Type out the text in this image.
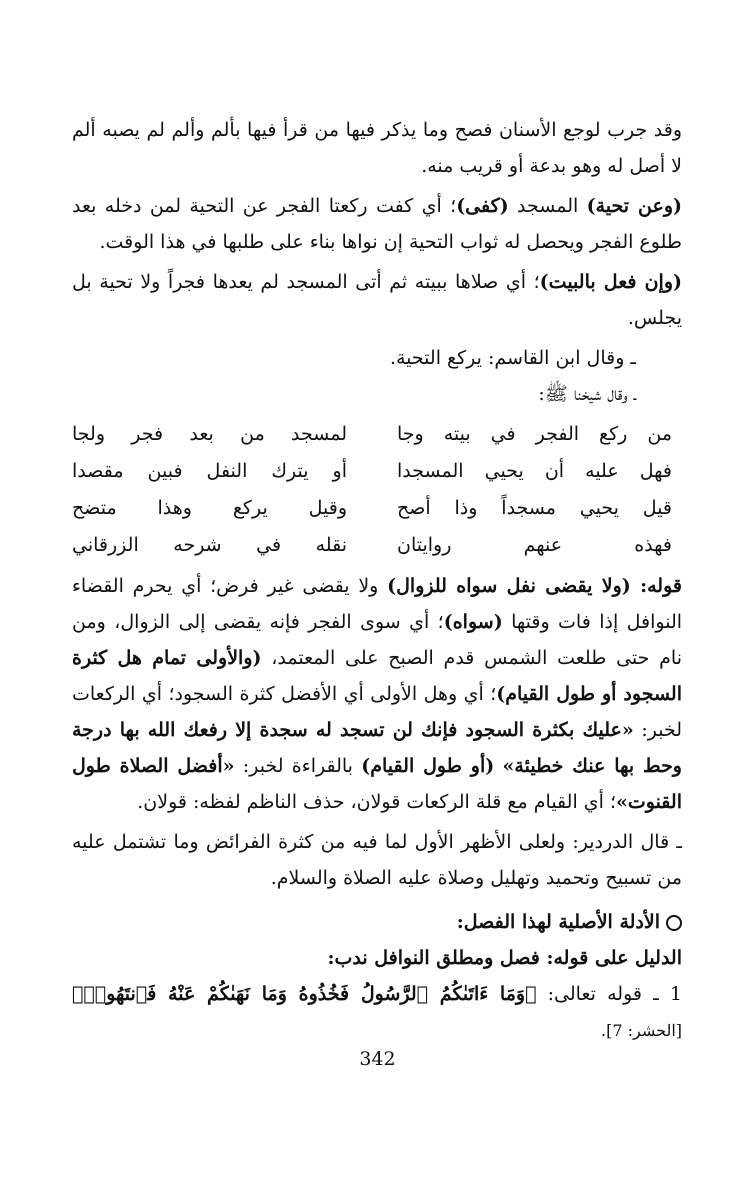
وقد جرب لوجع الأسنان فصح وما يذكر فيها من قرأ فيها بألم وألم لم يصبه ألم لا أصل له وهو بدعة أو قريب منه.

(وعن تحية) المسجد (كفى)؛ أي كفت ركعتا الفجر عن التحية لمن دخله بعد طلوع الفجر ويحصل له ثواب التحية إن نواها بناء على طلبها في هذا الوقت.

(وإن فعل بالبيت)؛ أي صلاها ببيته ثم أتى المسجد لم يعدها فجراً ولا تحية بل يجلس.

ـ وقال ابن القاسم: يركع التحية.

ـ وقال شيخنا ﷺ:

من ركع الفجر في بيته وجا
لمسجد من بعد فجر ولجا
فهل عليه أن يحيي المسجدا
أو يترك النفل فبين مقصدا
قيل يحيي مسجداً وذا أصح
وقيل يركع وهذا متضح
فهذه عنهم روايتان
نقله في شرحه الزرقاني

قوله: (ولا يقضى نفل سواه للزوال) ولا يقضى غير فرض؛ أي يحرم القضاء النوافل إذا فات وقتها (سواه)؛ أي سوى الفجر فإنه يقضى إلى الزوال، ومن نام حتى طلعت الشمس قدم الصبح على المعتمد، (والأولى تمام هل كثرة السجود أو طول القيام)؛ أي وهل الأولى أي الأفضل كثرة السجود؛ أي الركعات لخبر: «عليك بكثرة السجود فإنك لن تسجد له سجدة إلا رفعك الله بها درجة وحط بها عنك خطيئة» (أو طول القيام) بالقراءة لخبر: «أفضل الصلاة طول القنوت»؛ أي القيام مع قلة الركعات قولان، حذف الناظم لفظه: قولان.

ـ قال الدردير: ولعلى الأظهر الأول لما فيه من كثرة الفرائض وما تشتمل عليه من تسبيح وتحميد وتهليل وصلاة عليه الصلاة والسلام.

الأدلة الأصلية لهذا الفصل:

الدليل على قوله: فصل ومطلق النوافل ندب:

1 ـ قوله تعالى: ﴿وَمَا ءَاتَىٰكُمُ ٱلرَّسُولُ فَخُذُوهُ وَمَا نَهَىٰكُمْ عَنْهُ فَٱنتَهُوا۟﴾ [الحشر: 7].

342
